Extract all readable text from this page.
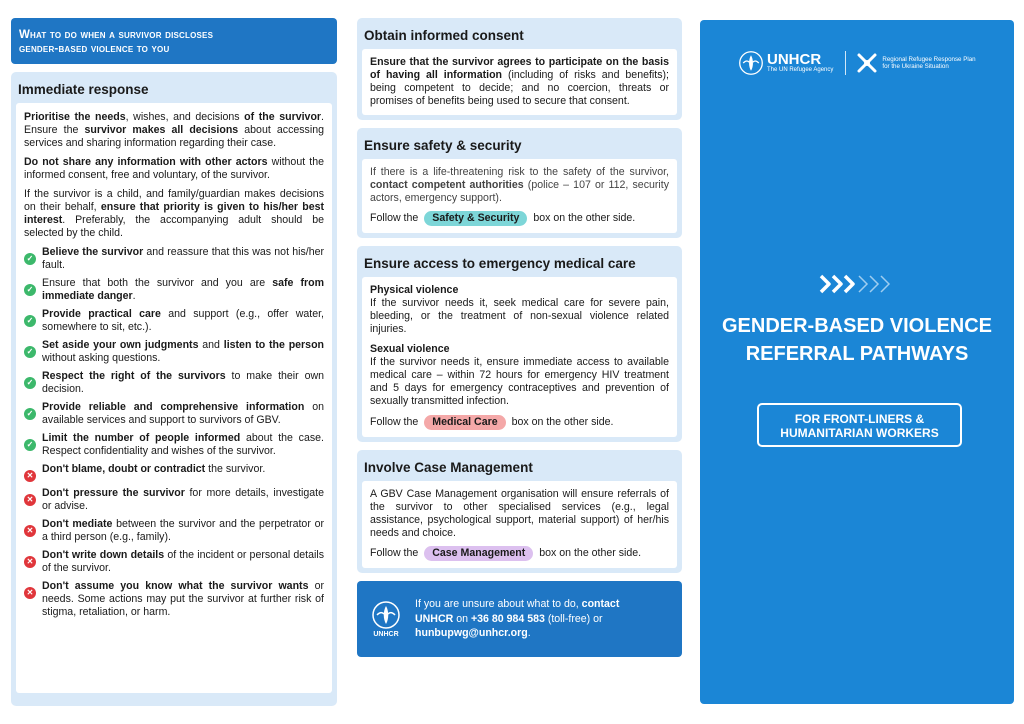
What to do when a survivor discloses
gender-based violence to you
Immediate response

Prioritise the needs, wishes, and decisions of the survivor. Ensure the survivor makes all decisions about accessing services and sharing information regarding their case.

Do not share any information with other actors without the informed consent, free and voluntary, of the survivor.

If the survivor is a child, and family/guardian makes decisions on their behalf, ensure that priority is given to his/her best interest. Preferably, the accompanying adult should be selected by the child.

✓
Believe the survivor and reassure that this was not his/her fault.
✓
Ensure that both the survivor and you are safe from immediate danger.
✓
Provide practical care and support (e.g., offer water, somewhere to sit, etc.).
✓
Set aside your own judgments and listen to the person without asking questions.
✓
Respect the right of the survivors to make their own decision.
✓
Provide reliable and comprehensive information on available services and support to survivors of GBV.
✓
Limit the number of people informed about the case. Respect confidentiality and wishes of the survivor.
✕
Don't blame, doubt or contradict the survivor.
✕
Don't pressure the survivor for more details, investigate or advise.
✕
Don't mediate between the survivor and the perpetrator or a third person (e.g., family).
✕
Don't write down details of the incident or personal details of the survivor.
✕
Don't assume you know what the survivor wants or needs. Some actions may put the survivor at further risk of stigma, retaliation, or harm.
Obtain informed consent

Ensure that the survivor agrees to participate on the basis of having all information (including of risks and benefits); being competent to decide; and no coercion, threats or promises of benefits being used to secure that consent.

Ensure safety & security

If there is a life-threatening risk to the safety of the survivor, contact competent authorities (police – 107 or 112, security actors, emergency support).

Follow the Safety & Security box on the other side.

Ensure access to emergency medical care

Physical violence
If the survivor needs it, seek medical care for severe pain, bleeding, or the treatment of non-sexual violence related injuries.

Sexual violence
If the survivor needs it, ensure immediate access to available medical care – within 72 hours for emergency HIV treatment and 5 days for emergency contraceptives and prevention of sexually transmitted infection.

Follow the Medical Care box on the other side.

Involve Case Management

A GBV Case Management organisation will ensure referrals of the survivor to other specialised services (e.g., legal assistance, psychological support, material support) of her/his needs and choice.

Follow the Case Management box on the other side.

UNHCR
If you are unsure about what to do, contact
UNHCR on +36 80 984 583 (toll-free) or
hunbupwg@unhcr.org.
UNHCR
The UN Refugee Agency
Regional Refugee Response Plan
for the Ukraine Situation
GENDER-BASED VIOLENCE
REFERRAL PATHWAYS
FOR FRONT-LINERS &
HUMANITARIAN WORKERS
